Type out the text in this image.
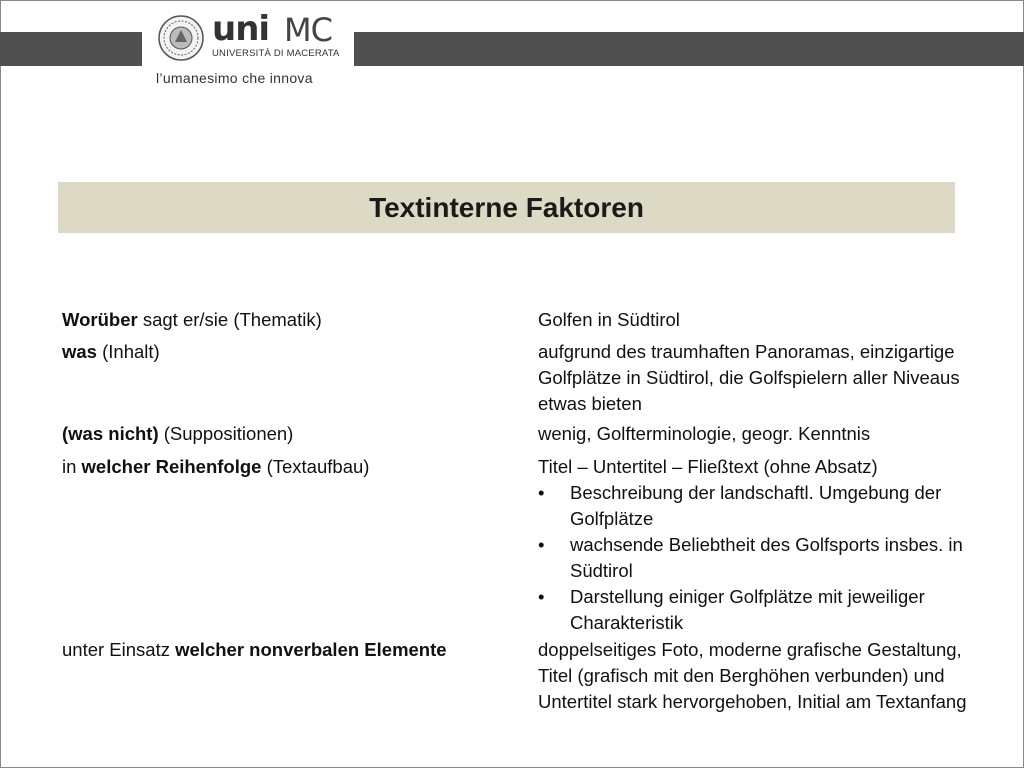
uni MC
UNIVERSITÀ DI MACERATA
l’umanesimo che innova
Textinterne Faktoren
Worüber sagt er/sie (Thematik)	Golfen in Südtirol
was (Inhalt)	aufgrund des traumhaften Panoramas, einzigartige Golfplätze in Südtirol, die Golfspielern aller Niveaus etwas bieten
(was nicht) (Suppositionen)	wenig, Golfterminologie, geogr. Kenntnis
in welcher Reihenfolge (Textaufbau)	Titel – Untertitel – Fließtext (ohne Absatz)
• Beschreibung der landschaftl. Umgebung der Golfplätze
• wachsende Beliebtheit des Golfsports insbes. in Südtirol
• Darstellung einiger Golfplätze mit jeweiliger Charakteristik
unter Einsatz welcher nonverbalen Elemente	doppelseitiges Foto, moderne grafische Gestaltung, Titel (grafisch mit den Berghöhen verbunden) und Untertitel stark hervorgehoben, Initial am Textanfang
